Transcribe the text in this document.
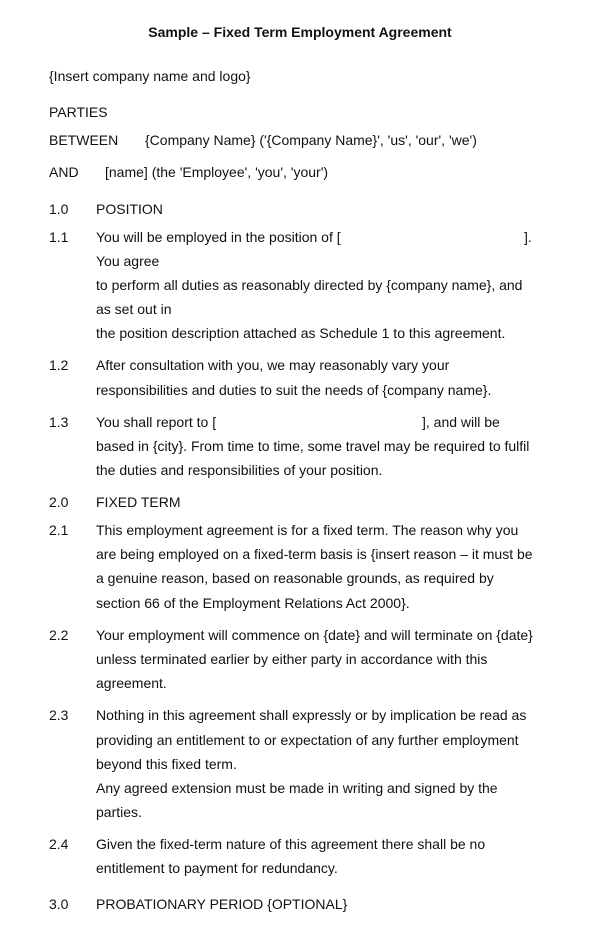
Sample – Fixed Term Employment Agreement
{Insert company name and logo}
PARTIES
BETWEEN {Company Name} ('{Company Name}', 'us', 'our', 'we')
AND [name] (the 'Employee', 'you', 'your')
1.0 POSITION
1.1 You will be employed in the position of [	].
You agree
to perform all duties as reasonably directed by {company name}, and
as set out in
the position description attached as Schedule 1 to this agreement.
1.2 After consultation with you, we may reasonably vary your
responsibilities and duties to suit the needs of {company name}.
1.3 You shall report to [	], and will be
based in {city}. From time to time, some travel may be required to fulfil
the duties and responsibilities of your position.
2.0 FIXED TERM
2.1 This employment agreement is for a fixed term. The reason why you
are being employed on a fixed-term basis is {insert reason – it must be
a genuine reason, based on reasonable grounds, as required by
section 66 of the Employment Relations Act 2000}.
2.2 Your employment will commence on {date} and will terminate on {date}
unless terminated earlier by either party in accordance with this
agreement.
2.3 Nothing in this agreement shall expressly or by implication be read as
providing an entitlement to or expectation of any further employment
beyond this fixed term.
Any agreed extension must be made in writing and signed by the
parties.
2.4 Given the fixed-term nature of this agreement there shall be no
entitlement to payment for redundancy.
3.0 PROBATIONARY PERIOD {OPTIONAL}
